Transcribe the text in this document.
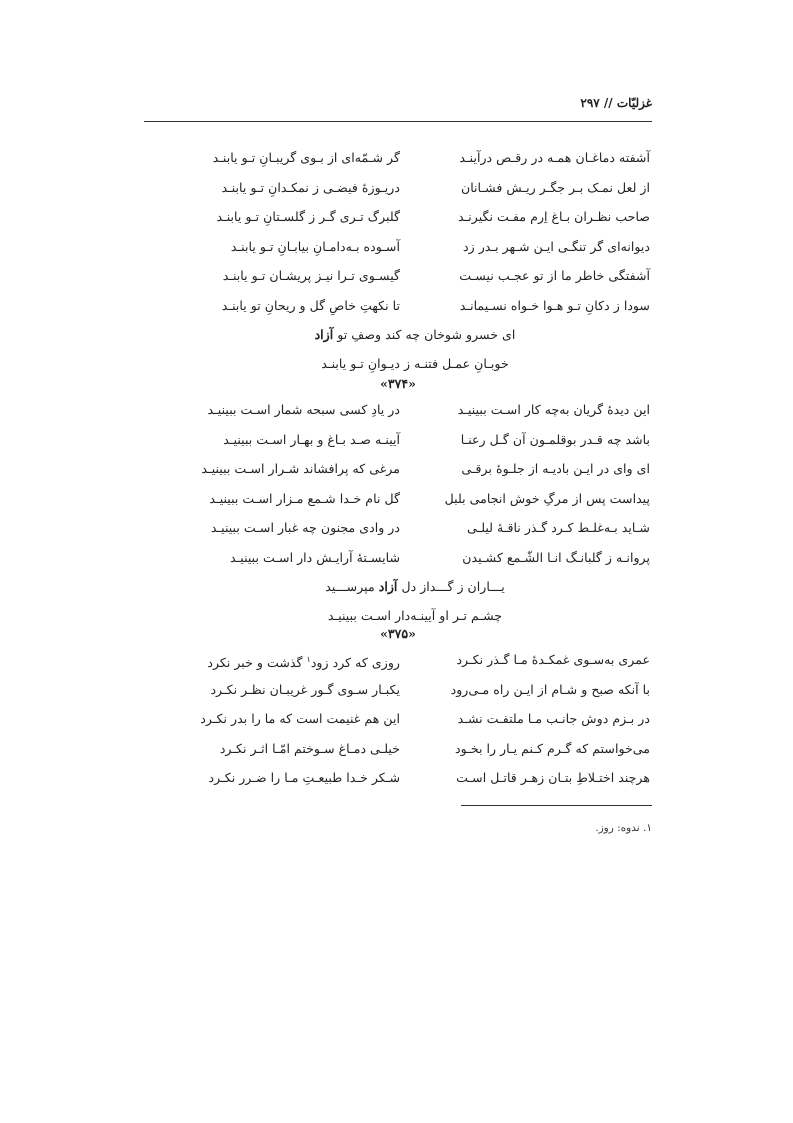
غزلیّات // ۲۹۷
آشفته دماغـان همـه در رقـص درآینـد
گر شـمّه‌ای از بـوی گریبـانِ تـو یابنـد
از لعل نمـک بـر جگـر ریـش فشـانان
دریـوزهٔ فیضـی ز نمکـدانِ تـو یابنـد
صاحب نظـران بـاغ اِرم مفـت نگیرنـد
گلبرگ تـری گـر ز گلسـتانِ تـو یابنـد
دیوانه‌ای گر تنگـی ایـن شـهر بـدر زد
آسـوده بـه‌دامـانِ بیابـانِ تـو یابنـد
آشفتگی خاطر ما از تو عجـب نیسـت
گیسـوی تـرا نیـز پریشـان تـو یابنـد
سودا ز دکانِ تـو هـوا خـواه نسـیمانـد
تا نکهتِ خاصِ گل و ریحانِ تو یابنـد
ای خسرو شوخان چه کند وصفِ تو آزاد
خوبـانِ عمـل فتنـه ز دیـوانِ تـو یابنـد
«۳۷۴»
این دیدهٔ گریان به‌چه کار اسـت ببینیـد
در یادِ کسی سبحه شمار اسـت ببینیـد
باشد چه قـدر بوقلمـون آن گـل رعنـا
آیینـه صـد بـاغ و بهـار اسـت ببینیـد
ای وای در ایـن بادیـه از جلـوهٔ برقـی
مرغی که پرافشاند شـرار اسـت ببینیـد
پیداست پس از مرگِ خوش انجامی بلبل
گل نام خـدا شـمع مـزار اسـت ببینیـد
شـاید بـه‌غلـط کـرد گـذر ناقـهٔ لیلـی
در وادی مجنون چه غبار اسـت ببینیـد
پروانـه ز گلبانـگ انـا الشّـمع کشـیدن
شایسـتهٔ آرایـش دار اسـت ببینیـد
یـــاران ز گـــداز دل آزاد مپرســـید
چشـم تـر او آیینـه‌دار اسـت ببینیـد
«۳۷۵»
عمری به‌سـوی غمکـدهٔ مـا گـذر نکـرد
روزی که کرد زود$^۱$ گذشت و خبر نکرد
با آنکه صبح و شـام از ایـن راه مـی‌رود
یکبـار سـوی گـور غریبـان نظـر نکـرد
در بـزم دوش جانـب مـا ملتفـت نشـد
این هم غنیمت است که ما را بدر نکـرد
می‌خواستم که گـرم کـنم یـار را بخـود
خیلـی دمـاغ سـوختم امّـا اثـر نکـرد
هرچند اختـلاطِ بتـان زهـر قاتـل اسـت
شـکر خـدا طبیعـتِ مـا را ضـرر نکـرد
۱. ندوه: روز.
